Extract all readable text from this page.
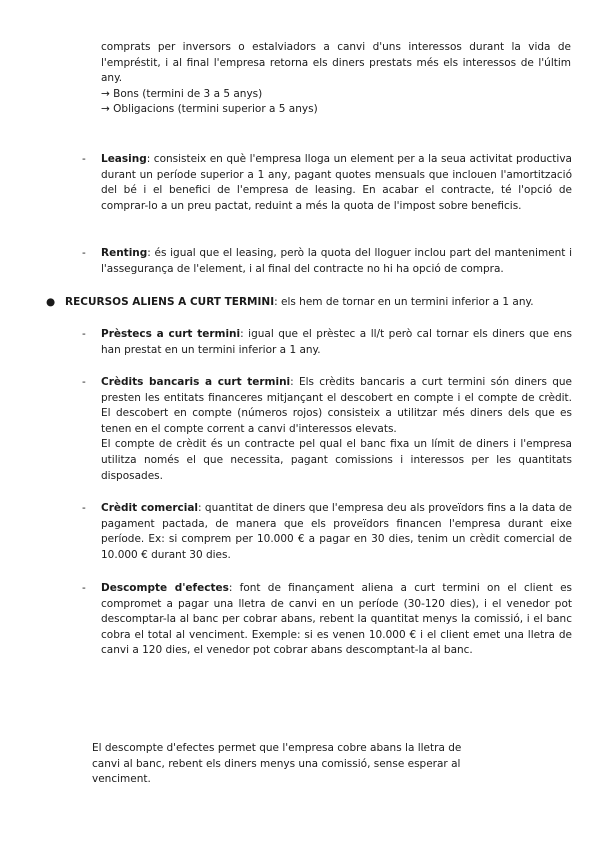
comprats per inversors o estalviadors a canvi d'uns interessos durant la vida de l'empréstit, i al final l'empresa retorna els diners prestats més els interessos de l'últim any.

→ Bons (termini de 3 a 5 anys)

→ Obligacions (termini superior a 5 anys)

-	Leasing: consisteix en què l'empresa lloga un element per a la seua activitat productiva durant un període superior a 1 any, pagant quotes mensuals que inclouen l'amortització del bé i el benefici de l'empresa de leasing. En acabar el contracte, té l'opció de comprar-lo a un preu pactat, reduint a més la quota de l'impost sobre beneficis.

-	Renting: és igual que el leasing, però la quota del lloguer inclou part del manteniment i l'assegurança de l'element, i al final del contracte no hi ha opció de compra.

● RECURSOS ALIENS A CURT TERMINI: els hem de tornar en un termini inferior a 1 any.
-	Prèstecs a curt termini: igual que el prèstec a ll/t però cal tornar els diners que ens han prestat en un termini inferior a 1 any.

-	Crèdits bancaris a curt termini: Els crèdits bancaris a curt termini són diners que presten les entitats financeres mitjançant el descobert en compte i el compte de crèdit. El descobert en compte (números rojos) consisteix a utilitzar més diners dels que es tenen en el compte corrent a canvi d'interessos elevats.

El compte de crèdit és un contracte pel qual el banc fixa un límit de diners i l'empresa utilitza només el que necessita, pagant comissions i interessos per les quantitats disposades.

-	Crèdit comercial: quantitat de diners que l'empresa deu als proveïdors fins a la data de pagament pactada, de manera que els proveïdors financen l'empresa durant eixe període. Ex: si comprem per 10.000 € a pagar en 30 dies, tenim un crèdit comercial de 10.000 € durant 30 dies.

-	Descompte d'efectes: font de finançament aliena a curt termini on el client es compromet a pagar una lletra de canvi en un període (30-120 dies), i el venedor pot descomptar-la al banc per cobrar abans, rebent la quantitat menys la comissió, i el banc cobra el total al venciment. Exemple: si es venen 10.000 € i el client emet una lletra de canvi a 120 dies, el venedor pot cobrar abans descomptant-la al banc.

El descompte d'efectes permet que l'empresa cobre abans la lletra de canvi al banc, rebent els diners menys una comissió, sense esperar al venciment.
